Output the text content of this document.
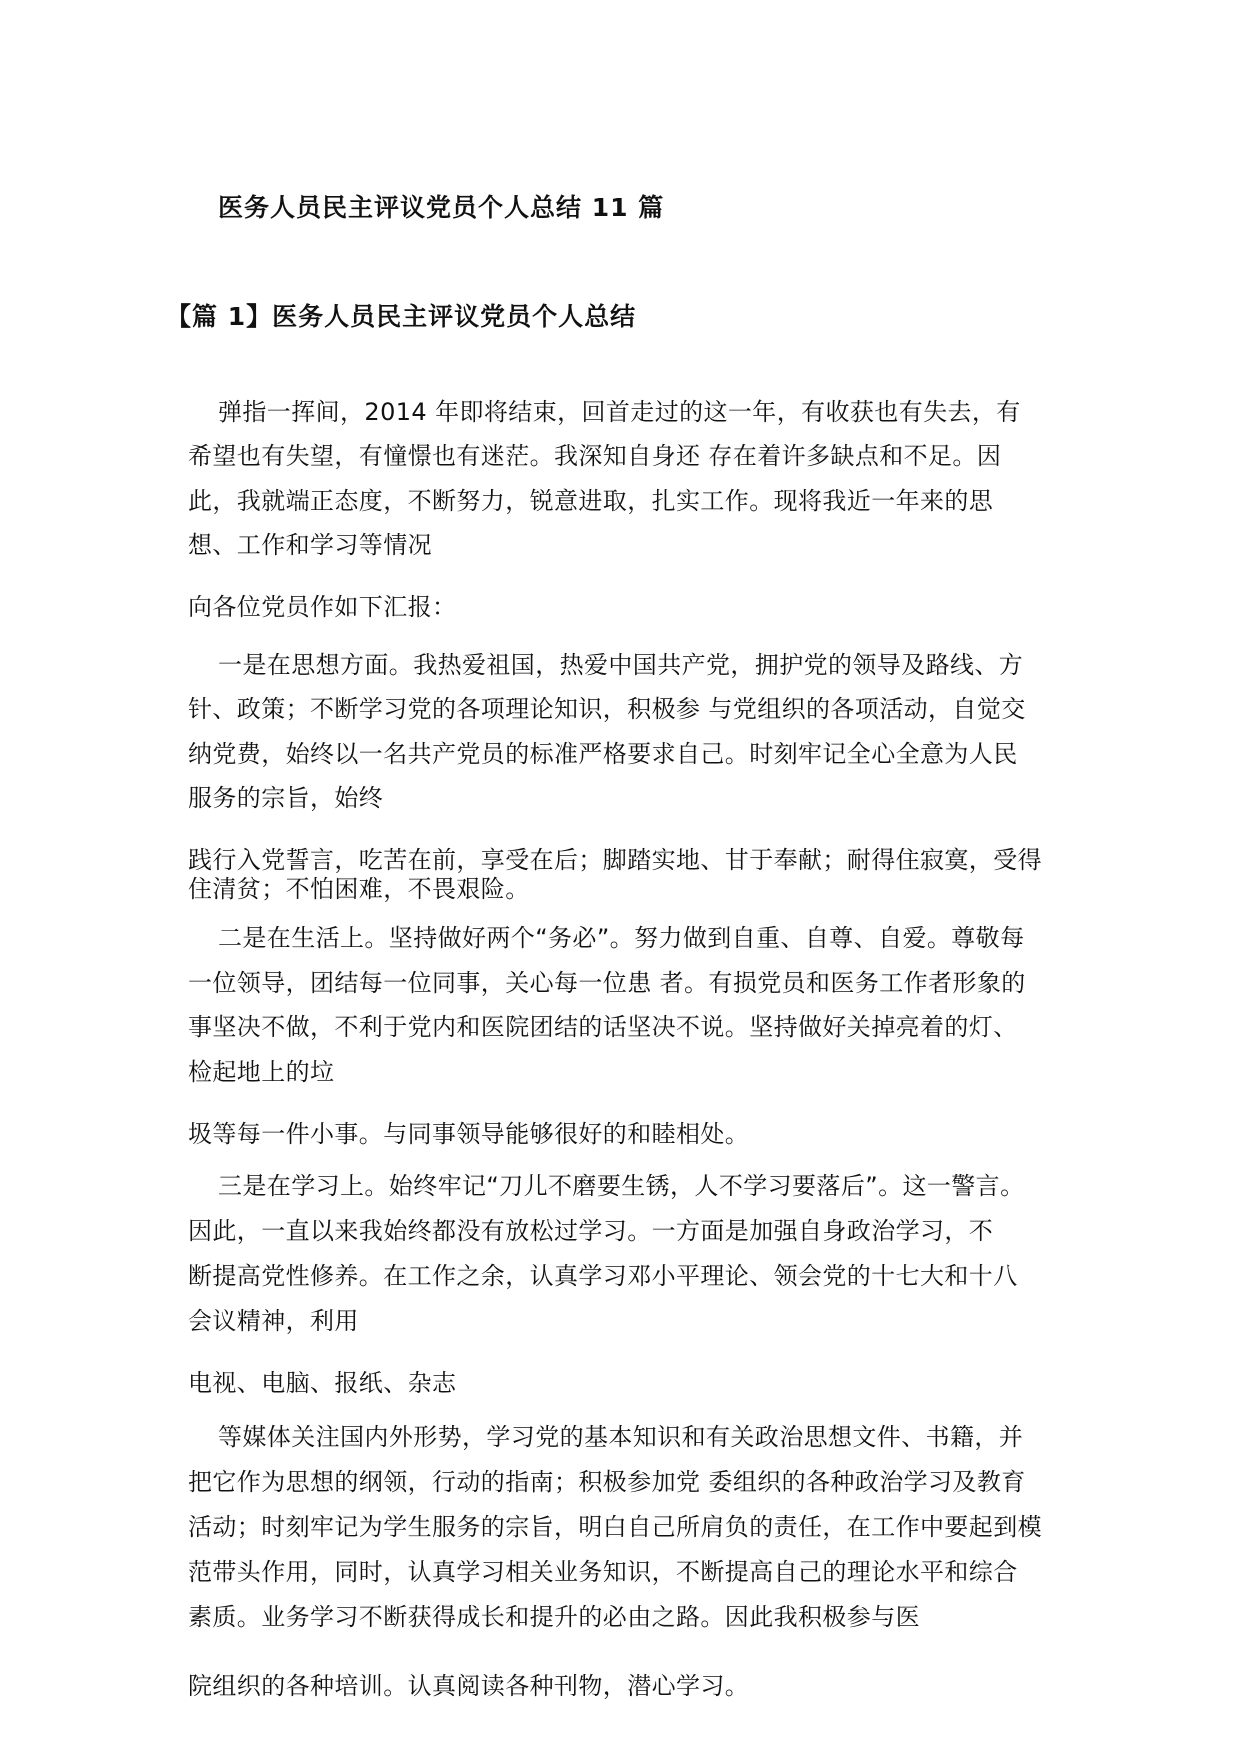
医务人员民主评议党员个人总结 11 篇
【篇 1】医务人员民主评议党员个人总结
弹指一挥间，2014 年即将结束，回首走过的这一年，有收获也有失去，有
希望也有失望，有憧憬也有迷茫。我深知自身还 存在着许多缺点和不足。因
此，我就端正态度，不断努力，锐意进取，扎实工作。现将我近一年来的思
想、工作和学习等情况
向各位党员作如下汇报：
一是在思想方面。我热爱祖国，热爱中国共产党，拥护党的领导及路线、方
针、政策；不断学习党的各项理论知识，积极参 与党组织的各项活动，自觉交
纳党费，始终以一名共产党员的标准严格要求自己。时刻牢记全心全意为人民
服务的宗旨，始终
践行入党誓言，吃苦在前，享受在后；脚踏实地、甘于奉献；耐得住寂寞，受得
住清贫；不怕困难，不畏艰险。
二是在生活上。坚持做好两个“务必”。努力做到自重、自尊、自爱。尊敬每
一位领导，团结每一位同事，关心每一位患 者。有损党员和医务工作者形象的
事坚决不做，不利于党内和医院团结的话坚决不说。坚持做好关掉亮着的灯、
检起地上的垃
圾等每一件小事。与同事领导能够很好的和睦相处。
三是在学习上。始终牢记“刀儿不磨要生锈，人不学习要落后”。这一警言。
因此，一直以来我始终都没有放松过学习。一方面是加强自身政治学习，不
断提高党性修养。在工作之余，认真学习邓小平理论、领会党的十七大和十八
会议精神，利用
电视、电脑、报纸、杂志
等媒体关注国内外形势，学习党的基本知识和有关政治思想文件、书籍，并
把它作为思想的纲领，行动的指南；积极参加党 委组织的各种政治学习及教育
活动；时刻牢记为学生服务的宗旨，明白自己所肩负的责任，在工作中要起到模
范带头作用，同时，认真学习相关业务知识，不断提高自己的理论水平和综合
素质。业务学习不断获得成长和提升的必由之路。因此我积极参与医
院组织的各种培训。认真阅读各种刊物，潜心学习。
